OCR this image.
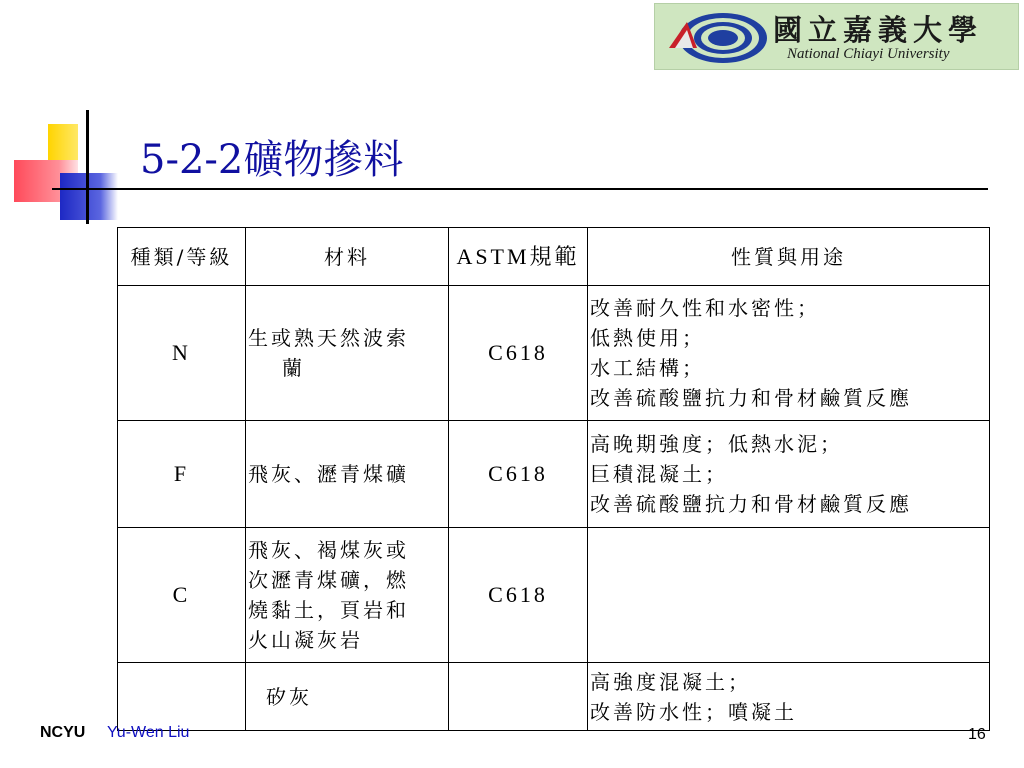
國立嘉義大學
National Chiayi University
5-2-2礦物摻料
種類/等級	材料	ASTM規範	性質與用途
N	生或熟天然波索
蘭	C618	改善耐久性和水密性；
低熱使用；
水工結構；
改善硫酸鹽抗力和骨材鹼質反應

F	飛灰、瀝青煤礦	C618	高晚期強度；低熱水泥；
巨積混凝土；
改善硫酸鹽抗力和骨材鹼質反應

C	飛灰、褐煤灰或
次瀝青煤礦，燃
燒黏土，頁岩和
火山凝灰岩	C618	

	矽灰		高強度混凝土；
改善防水性；噴凝土
NCYU Yu-Wen Liu	16
